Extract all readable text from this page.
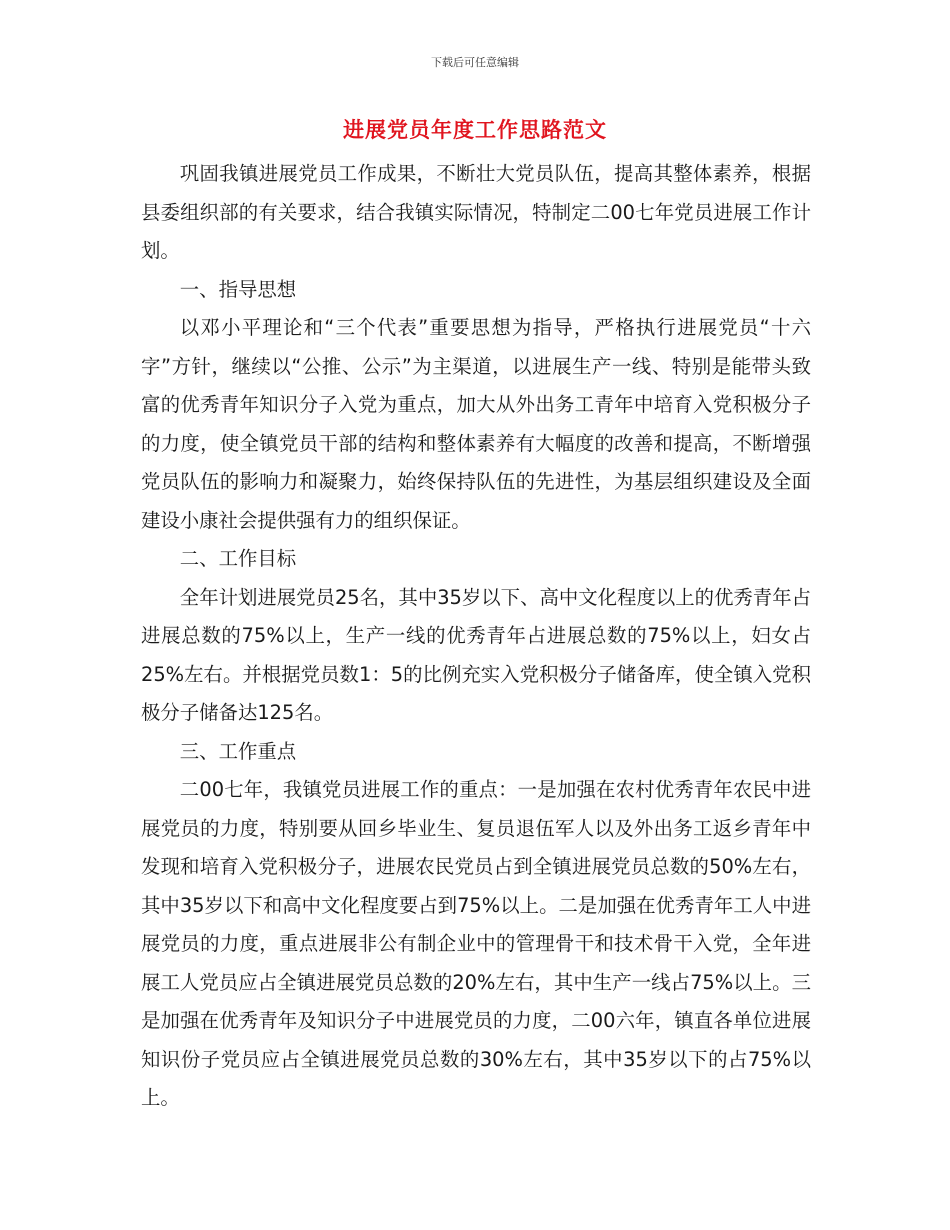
下载后可任意编辑
进展党员年度工作思路范文

巩固我镇进展党员工作成果，不断壮大党员队伍，提高其整体素养，根据县委组织部的有关要求，结合我镇实际情况，特制定二00七年党员进展工作计划。

一、指导思想

以邓小平理论和“三个代表”重要思想为指导，严格执行进展党员“十六字”方针，继续以“公推、公示”为主渠道，以进展生产一线、特别是能带头致富的优秀青年知识分子入党为重点，加大从外出务工青年中培育入党积极分子的力度，使全镇党员干部的结构和整体素养有大幅度的改善和提高，不断增强党员队伍的影响力和凝聚力，始终保持队伍的先进性，为基层组织建设及全面建设小康社会提供强有力的组织保证。

二、工作目标

全年计划进展党员25名，其中35岁以下、高中文化程度以上的优秀青年占进展总数的75%以上，生产一线的优秀青年占进展总数的75%以上，妇女占25%左右。并根据党员数1：5的比例充实入党积极分子储备库，使全镇入党积极分子储备达125名。

三、工作重点

二00七年，我镇党员进展工作的重点：一是加强在农村优秀青年农民中进展党员的力度，特别要从回乡毕业生、复员退伍军人以及外出务工返乡青年中发现和培育入党积极分子，进展农民党员占到全镇进展党员总数的50%左右，其中35岁以下和高中文化程度要占到75%以上。二是加强在优秀青年工人中进展党员的力度，重点进展非公有制企业中的管理骨干和技术骨干入党，全年进展工人党员应占全镇进展党员总数的20%左右，其中生产一线占75%以上。三是加强在优秀青年及知识分子中进展党员的力度，二00六年，镇直各单位进展知识份子党员应占全镇进展党员总数的30%左右，其中35岁以下的占75%以上。
